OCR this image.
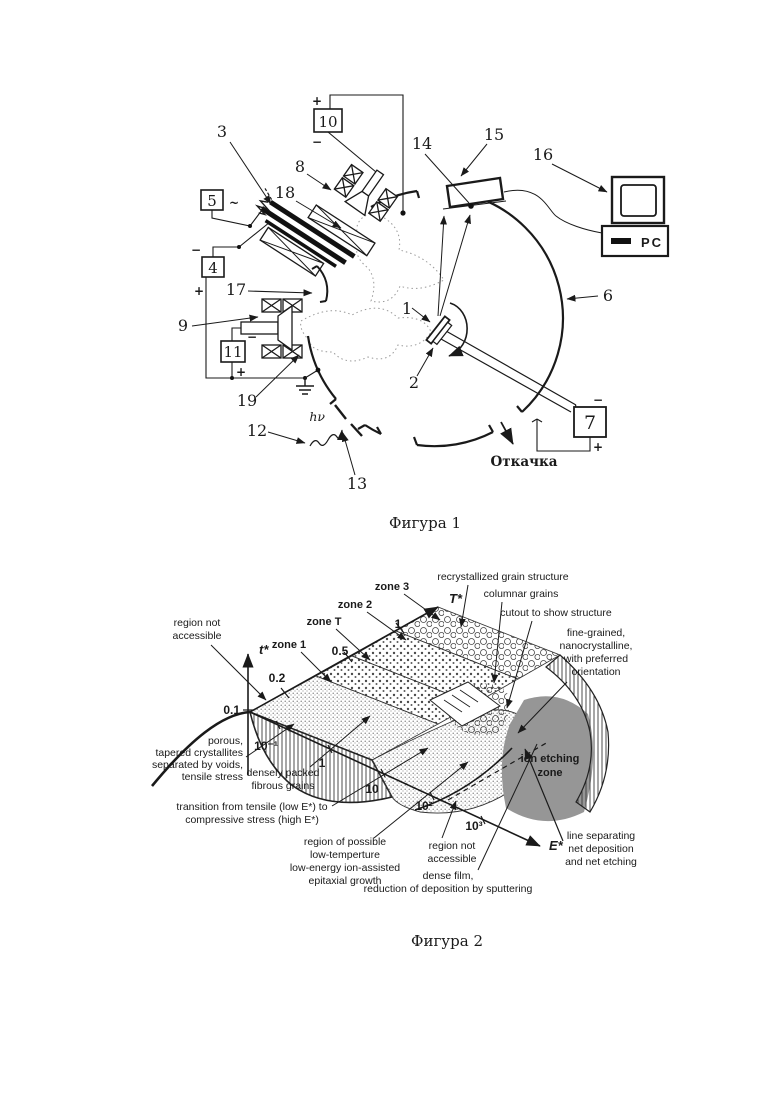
5 ~
4
−
+
11
−
+
10
+
−
PC
7
−
+
hν
Откачка
1
2
3
6
8
9
12
13
14	15
16
17
18
19
Фигура 1
t*
0.1
T*
0.2
0.5
1
E*
10⁻¹
1
10
10²
10³
zone 1
zone T
zone 2
zone 3
region not
accessible
recrystallized grain structure
columnar grains
cutout to show structure
fine-grained,
nanocrystalline,
with preferred
orientation
ion etching
zone
line separating
net deposition
and net etching
porous,
tapered crystallites
separated by voids,
tensile stress densely packed
fibrous grains
transition from tensile (low E*) to
compressive stress (high E*)
region of possible
low-temperture
low-energy ion-assisted
epitaxial growth
region not
accessible
dense film,
reduction of deposition by sputtering
Фигура 2
